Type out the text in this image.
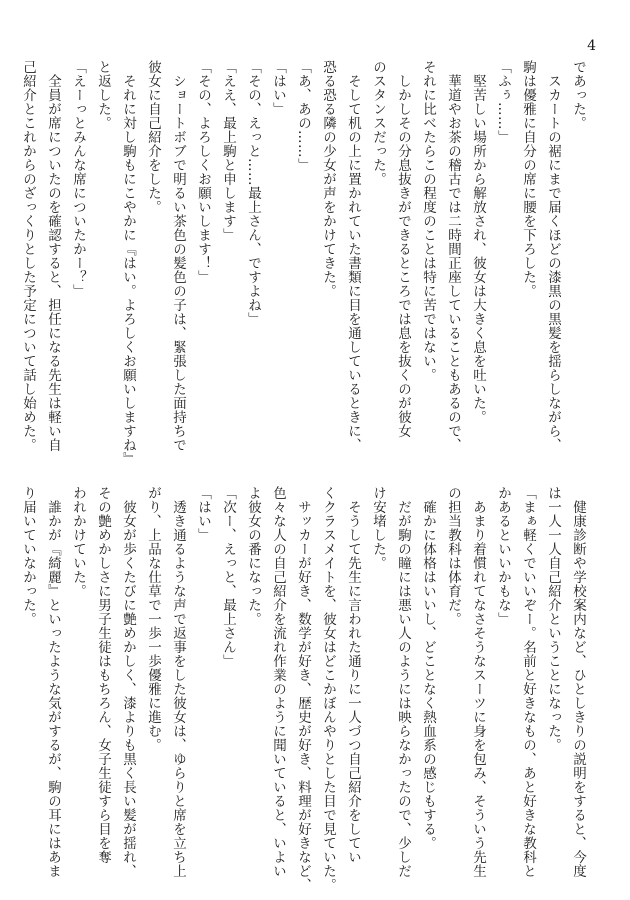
4

であった。

　スカートの裾にまで届くほどの漆黒の黒髪を揺らしながら、

駒は優雅に自分の席に腰を下ろした。

「ふぅ……」

　堅苦しい場所から解放され、彼女は大きく息を吐いた。

　華道やお茶の稽古では二時間正座していることもあるので、

それに比べたらこの程度のことは特に苦ではない。

　しかしその分息抜きができるところでは息を抜くのが彼女

のスタンスだった。

　そして机の上に置かれていた書類に目を通しているときに、

恐る恐る隣の少女が声をかけてきた。

「あ、あの……」

「はい」

「その、えっと……最上さん、ですよね」

「ええ、最上駒と申します」

「その、よろしくお願いします！」

　ショートボブで明るい茶色の髪色の子は、緊張した面持ちで

彼女に自己紹介をした。

　それに対し駒もにこやかに『はい。よろしくお願いしますね』

と返した。

「えーっとみんな席についたかー？」

　全員が席についたのを確認すると、担任になる先生は軽い自

己紹介とこれからのざっくりとした予定について話し始めた。

　健康診断や学校案内など、ひとしきりの説明をすると、今度

は一人一人自己紹介ということになった。

「まぁ軽くでいいぞー。名前と好きなもの、あと好きな教科と

かあるといいかもな」

　あまり着慣れてなさそうなスーツに身を包み、そういう先生

の担当教科は体育だ。

　確かに体格はいいし、どことなく熱血系の感じもする。

　だが駒の瞳には悪い人のようには映らなかったので、少しだ

け安堵した。

　そうして先生に言われた通りに一人づつ自己紹介をしてい

くクラスメイトを、彼女はどこかぼんやりとした目で見ていた。

　サッカーが好き、数学が好き、歴史が好き、料理が好きなど、

色々な人の自己紹介を流れ作業のように聞いていると、いよい

よ彼女の番になった。

「次ー、えっと、最上さん」

「はい」

　透き通るような声で返事をした彼女は、ゆらりと席を立ち上

がり、上品な仕草で一歩一歩優雅に進む。

　彼女が歩くたびに艶めかしく、漆よりも黒く長い髪が揺れ、

その艶めかしさに男子生徒はもちろん、女子生徒すら目を奪

われかけていた。

　誰かが『綺麗』といったような気がするが、駒の耳にはあま

り届いていなかった。
